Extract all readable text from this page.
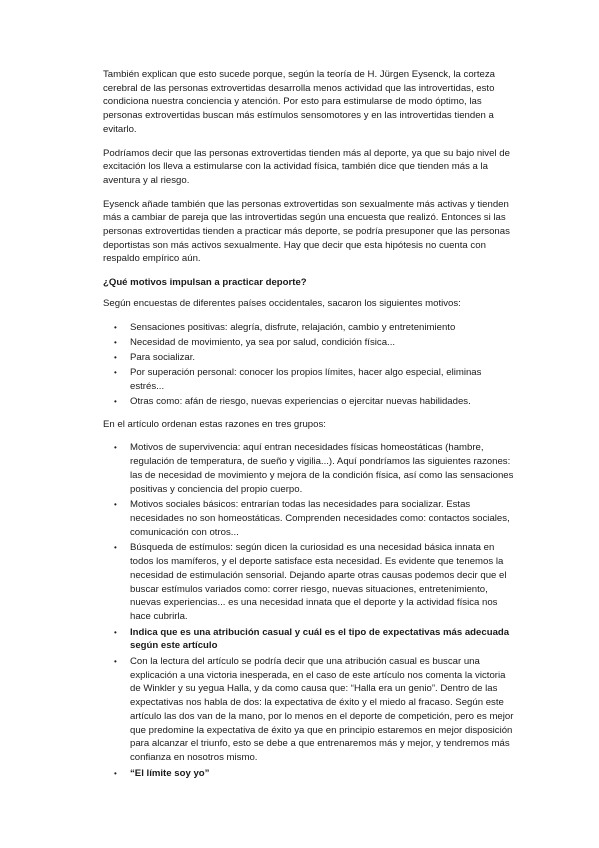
También explican que esto sucede porque, según la teoría de H. Jürgen Eysenck, la corteza cerebral de las personas extrovertidas desarrolla menos actividad que las introvertidas, esto condiciona nuestra conciencia y atención. Por esto para estimularse de modo óptimo, las personas extrovertidas buscan más estímulos sensomotores y en las introvertidas tienden a evitarlo.

Podríamos decir que las personas extrovertidas tienden más al deporte, ya que su bajo nivel de excitación los lleva a estimularse con la actividad física, también dice que tienden más a la aventura y al riesgo.

Eysenck añade también que las personas extrovertidas son sexualmente más activas y tienden más a cambiar de pareja que las introvertidas según una encuesta que realizó. Entonces si las personas extrovertidas tienden a practicar más deporte, se podría presuponer que las personas deportistas son más activos sexualmente. Hay que decir que esta hipótesis no cuenta con respaldo empírico aún.

¿Qué motivos impulsan a practicar deporte?

Según encuestas de diferentes países occidentales, sacaron los siguientes motivos:

• Sensaciones positivas: alegría, disfrute, relajación, cambio y entretenimiento
• Necesidad de movimiento, ya sea por salud, condición física...
• Para socializar.
• Por superación personal: conocer los propios límites, hacer algo especial, eliminas estrés...
• Otras como: afán de riesgo, nuevas experiencias o ejercitar nuevas habilidades.

En el artículo ordenan estas razones en tres grupos:

• Motivos de supervivencia: aquí entran necesidades físicas homeostáticas (hambre, regulación de temperatura, de sueño y vigilia...). Aquí pondríamos las siguientes razones: las de necesidad de movimiento y mejora de la condición física, así como las sensaciones positivas y conciencia del propio cuerpo.
• Motivos sociales básicos: entrarían todas las necesidades para socializar. Estas necesidades no son homeostáticas. Comprenden necesidades como: contactos sociales, comunicación con otros...
• Búsqueda de estímulos: según dicen la curiosidad es una necesidad básica innata en todos los mamíferos, y el deporte satisface esta necesidad. Es evidente que tenemos la necesidad de estimulación sensorial. Dejando aparte otras causas podemos decir que el buscar estímulos variados como: correr riesgo, nuevas situaciones, entretenimiento, nuevas experiencias... es una necesidad innata que el deporte y la actividad física nos hace cubrirla.
• Indica que es una atribución casual y cuál es el tipo de expectativas más adecuada según este artículo
• Con la lectura del artículo se podría decir que una atribución casual es buscar una explicación a una victoria inesperada, en el caso de este artículo nos comenta la victoria de Winkler y su yegua Halla, y da como causa que: “Halla era un genio”. Dentro de las expectativas nos habla de dos: la expectativa de éxito y el miedo al fracaso. Según este artículo las dos van de la mano, por lo menos en el deporte de competición, pero es mejor que predomine la expectativa de éxito ya que en principio estaremos en mejor disposición para alcanzar el triunfo, esto se debe a que entrenaremos más y mejor, y tendremos más confianza en nosotros mismo.
• “El límite soy yo”
